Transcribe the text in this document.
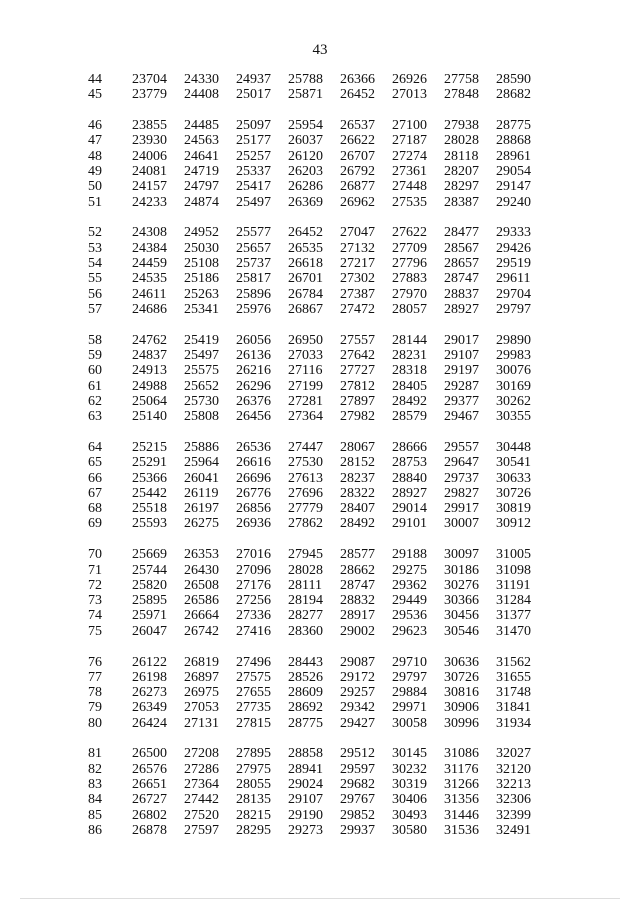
43
44	23704	24330	24937	25788	26366	26926	27758	28590
45	23779	24408	25017	25871	26452	27013	27848	28682
46	23855	24485	25097	25954	26537	27100	27938	28775
47	23930	24563	25177	26037	26622	27187	28028	28868
48	24006	24641	25257	26120	26707	27274	28118	28961
49	24081	24719	25337	26203	26792	27361	28207	29054
50	24157	24797	25417	26286	26877	27448	28297	29147
51	24233	24874	25497	26369	26962	27535	28387	29240
52	24308	24952	25577	26452	27047	27622	28477	29333
53	24384	25030	25657	26535	27132	27709	28567	29426
54	24459	25108	25737	26618	27217	27796	28657	29519
55	24535	25186	25817	26701	27302	27883	28747	29611
56	24611	25263	25896	26784	27387	27970	28837	29704
57	24686	25341	25976	26867	27472	28057	28927	29797
58	24762	25419	26056	26950	27557	28144	29017	29890
59	24837	25497	26136	27033	27642	28231	29107	29983
60	24913	25575	26216	27116	27727	28318	29197	30076
61	24988	25652	26296	27199	27812	28405	29287	30169
62	25064	25730	26376	27281	27897	28492	29377	30262
63	25140	25808	26456	27364	27982	28579	29467	30355
64	25215	25886	26536	27447	28067	28666	29557	30448
65	25291	25964	26616	27530	28152	28753	29647	30541
66	25366	26041	26696	27613	28237	28840	29737	30633
67	25442	26119	26776	27696	28322	28927	29827	30726
68	25518	26197	26856	27779	28407	29014	29917	30819
69	25593	26275	26936	27862	28492	29101	30007	30912
70	25669	26353	27016	27945	28577	29188	30097	31005
71	25744	26430	27096	28028	28662	29275	30186	31098
72	25820	26508	27176	28111	28747	29362	30276	31191
73	25895	26586	27256	28194	28832	29449	30366	31284
74	25971	26664	27336	28277	28917	29536	30456	31377
75	26047	26742	27416	28360	29002	29623	30546	31470
76	26122	26819	27496	28443	29087	29710	30636	31562
77	26198	26897	27575	28526	29172	29797	30726	31655
78	26273	26975	27655	28609	29257	29884	30816	31748
79	26349	27053	27735	28692	29342	29971	30906	31841
80	26424	27131	27815	28775	29427	30058	30996	31934
81	26500	27208	27895	28858	29512	30145	31086	32027
82	26576	27286	27975	28941	29597	30232	31176	32120
83	26651	27364	28055	29024	29682	30319	31266	32213
84	26727	27442	28135	29107	29767	30406	31356	32306
85	26802	27520	28215	29190	29852	30493	31446	32399
86	26878	27597	28295	29273	29937	30580	31536	32491
